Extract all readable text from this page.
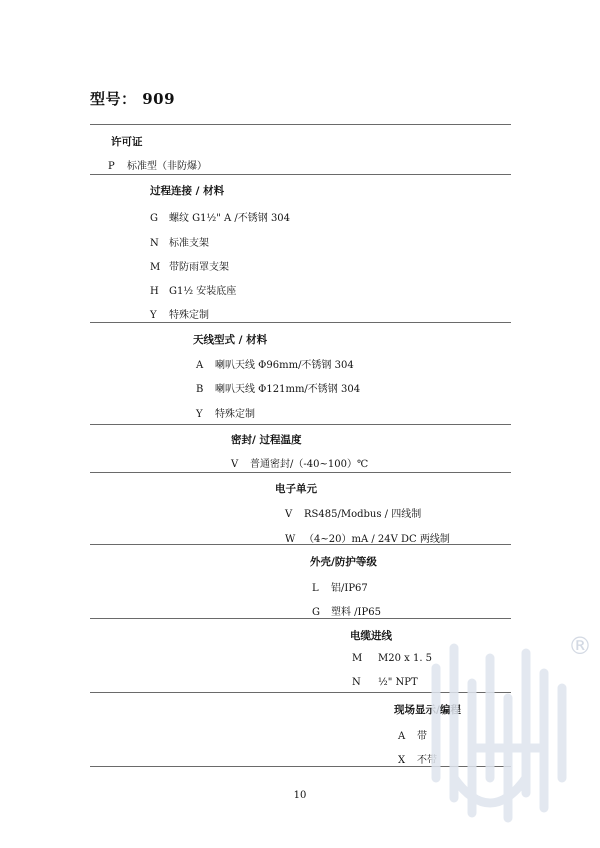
型号： 909
许可证
P 标准型（非防爆）
过程连接 / 材料
G 螺纹 G1½" A /不锈钢 304
N 标准支架
M 带防雨罩支架
H G1½ 安装底座
Y 特殊定制
天线型式 / 材料
A 喇叭天线 Φ96mm/不锈钢 304
B 喇叭天线 Φ121mm/不锈钢 304
Y 特殊定制
密封/ 过程温度
V 普通密封/（-40~100）℃
电子单元
V RS485/Modbus / 四线制
W （4~20）mA / 24V DC 两线制
外壳/防护等级
L 铝/IP67
G 塑料 /IP65
电缆进线
M M20 x 1. 5
N ½" NPT
现场显示/编程
A 带
X 不带
®
10
